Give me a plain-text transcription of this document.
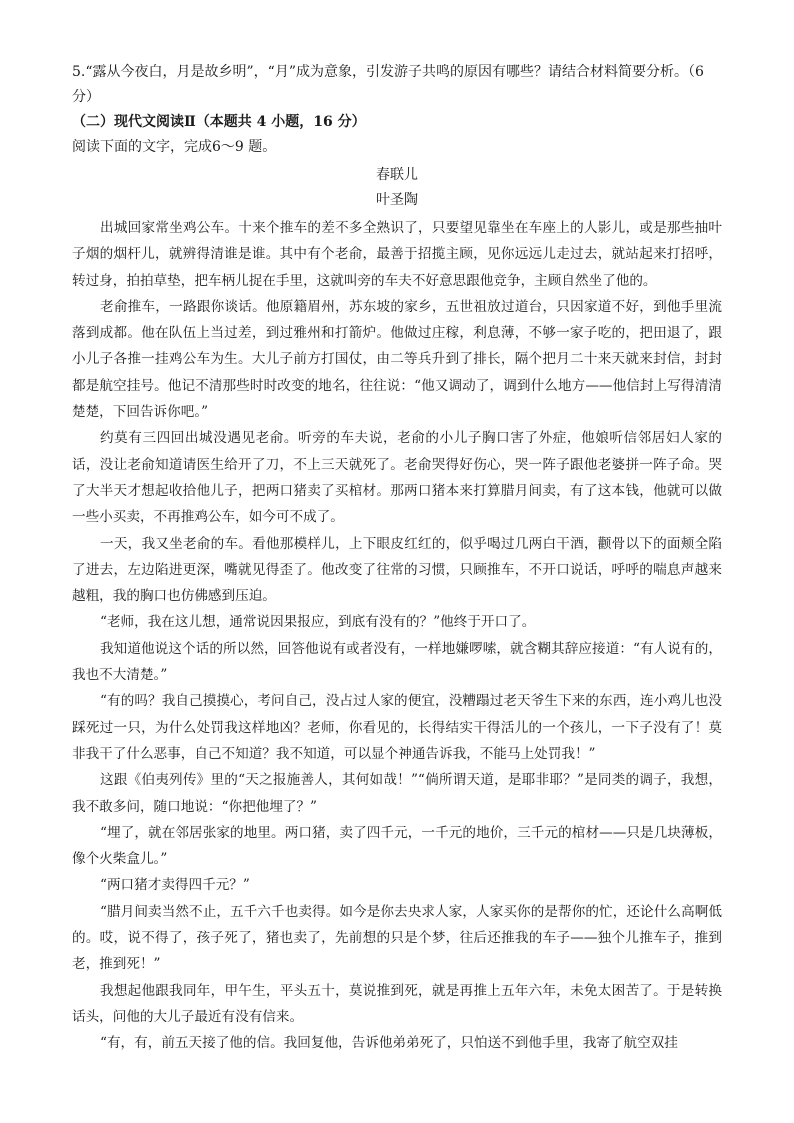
5.“露从今夜白，月是故乡明”，“月”成为意象，引发游子共鸣的原因有哪些？请结合材料简要分析。（6分）

（二）现代文阅读Ⅱ（本题共 4 小题，16 分）

阅读下面的文字，完成6～9 题。

春联儿

叶圣陶

出城回家常坐鸡公车。十来个推车的差不多全熟识了，只要望见靠坐在车座上的人影儿，或是那些抽叶子烟的烟杆儿，就辨得清谁是谁。其中有个老俞，最善于招揽主顾，见你远远儿走过去，就站起来打招呼，转过身，拍拍草垫，把车柄儿捉在手里，这就叫旁的车夫不好意思跟他竞争，主顾自然坐了他的。

老俞推车，一路跟你谈话。他原籍眉州，苏东坡的家乡，五世祖放过道台，只因家道不好，到他手里流落到成都。他在队伍上当过差，到过雅州和打箭炉。他做过庄稼，利息薄，不够一家子吃的，把田退了，跟小儿子各推一挂鸡公车为生。大儿子前方打国仗，由二等兵升到了排长，隔个把月二十来天就来封信，封封都是航空挂号。他记不清那些时时改变的地名，往往说：“他又调动了，调到什么地方——他信封上写得清清楚楚，下回告诉你吧。”

约莫有三四回出城没遇见老俞。听旁的车夫说，老俞的小儿子胸口害了外症，他娘听信邻居妇人家的话，没让老俞知道请医生给开了刀，不上三天就死了。老俞哭得好伤心，哭一阵子跟他老婆拼一阵子命。哭了大半天才想起收拾他儿子，把两口猪卖了买棺材。那两口猪本来打算腊月间卖，有了这本钱，他就可以做一些小买卖，不再推鸡公车，如今可不成了。

一天，我又坐老俞的车。看他那模样儿，上下眼皮红红的，似乎喝过几两白干酒，颧骨以下的面颊全陷了进去，左边陷进更深，嘴就见得歪了。他改变了往常的习惯，只顾推车，不开口说话，呼呼的喘息声越来越粗，我的胸口也仿佛感到压迫。

“老师，我在这儿想，通常说因果报应，到底有没有的？”他终于开口了。

我知道他说这个话的所以然，回答他说有或者没有，一样地嫌啰嗦，就含糊其辞应接道：“有人说有的，我也不大清楚。”

“有的吗？我自己摸摸心，考问自己，没占过人家的便宜，没糟蹋过老天爷生下来的东西，连小鸡儿也没踩死过一只，为什么处罚我这样地凶？老师，你看见的，长得结实干得活儿的一个孩儿，一下子没有了！莫非我干了什么恶事，自己不知道？我不知道，可以显个神通告诉我，不能马上处罚我！”

这跟《伯夷列传》里的“天之报施善人，其何如哉！”“倘所谓天道，是耶非耶？”是同类的调子，我想，我不敢多问，随口地说：“你把他埋了？”

“埋了，就在邻居张家的地里。两口猪，卖了四千元，一千元的地价，三千元的棺材——只是几块薄板，像个火柴盒儿。”

“两口猪才卖得四千元？”

“腊月间卖当然不止，五千六千也卖得。如今是你去央求人家，人家买你的是帮你的忙，还论什么高啊低的。哎，说不得了，孩子死了，猪也卖了，先前想的只是个梦，往后还推我的车子——独个儿推车子，推到老，推到死！”

我想起他跟我同年，甲午生，平头五十，莫说推到死，就是再推上五年六年，未免太困苦了。于是转换话头，问他的大儿子最近有没有信来。

“有，有，前五天接了他的信。我回复他，告诉他弟弟死了，只怕送不到他手里，我寄了航空双挂
